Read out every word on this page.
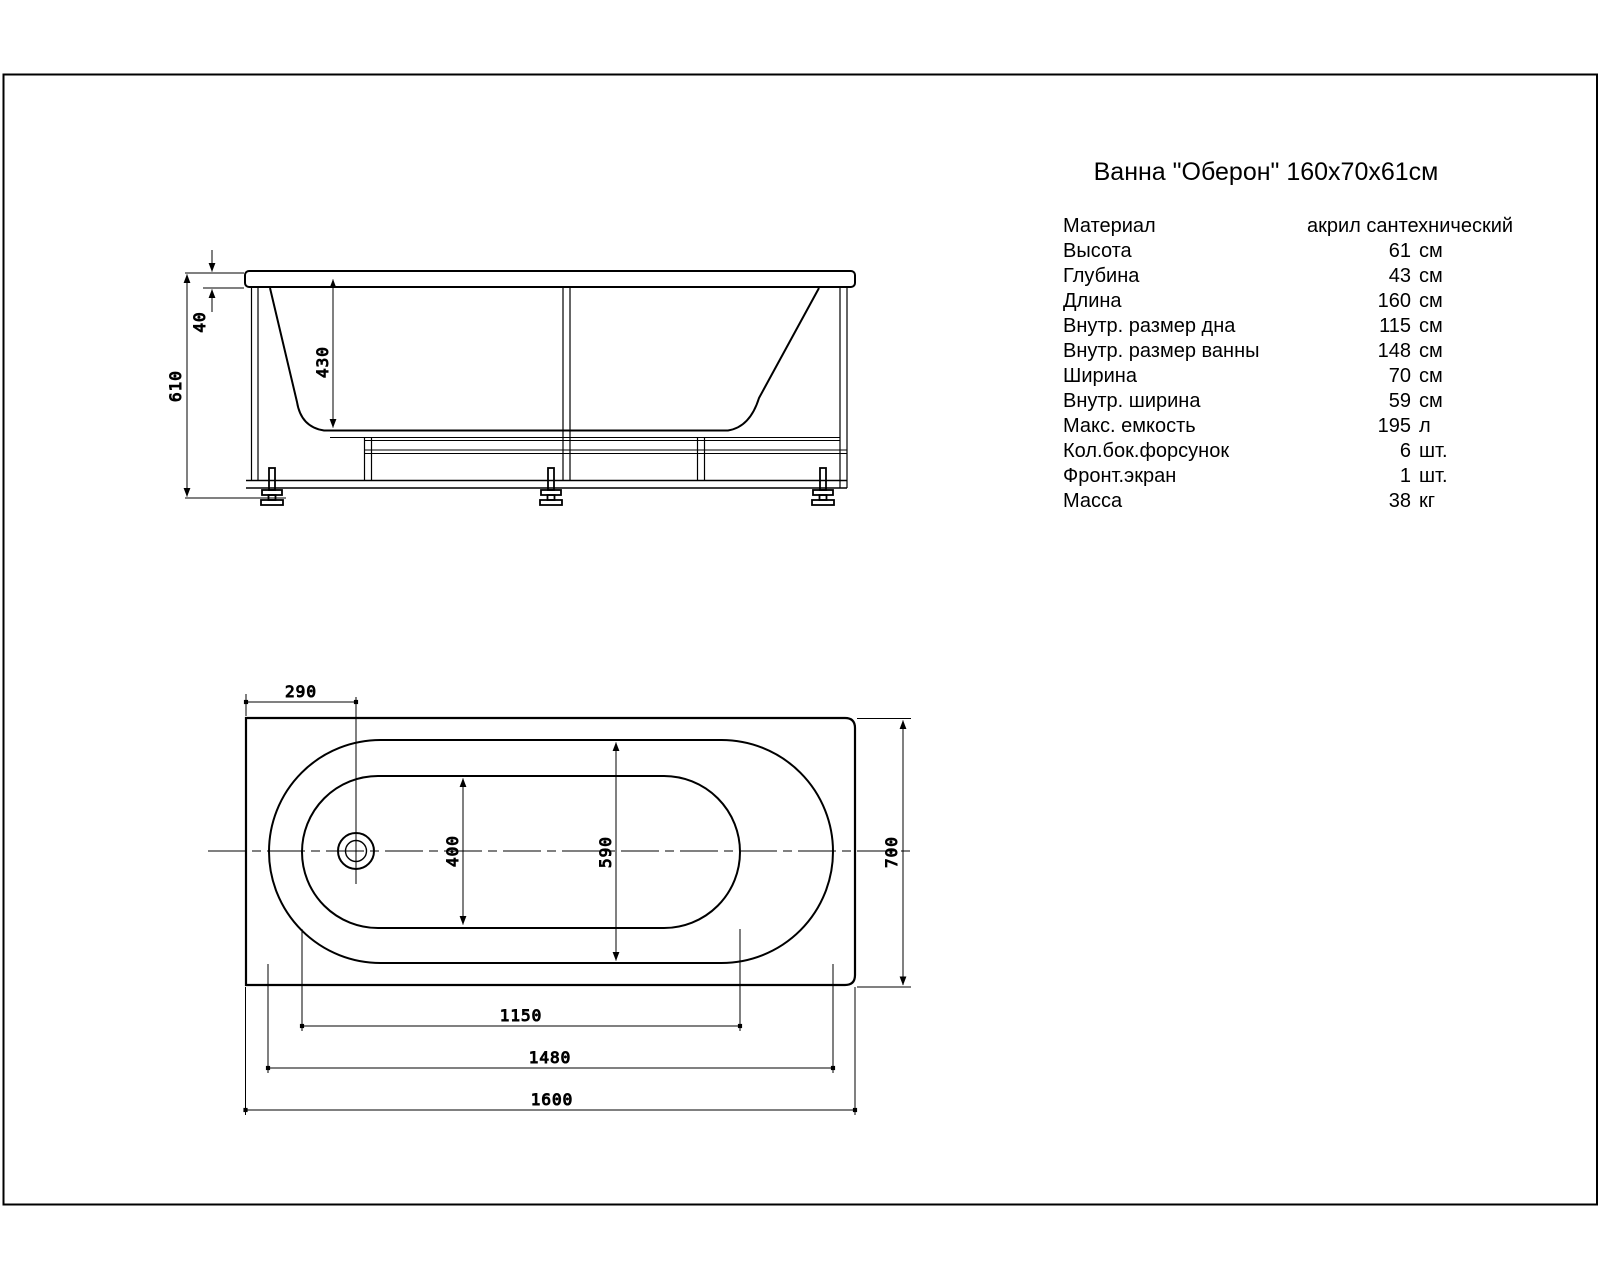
610
40
430
290
400	590	700
1150
1480
1600
Ванна "Оберон" 160x70x61см
Материал	акрил сантехнический
Высота	61 см
Глубина	43 см
Длина	160 см
Внутр. размер дна	115 см
Внутр. размер ванны	148 см
Ширина	70 см
Внутр. ширина	59 см
Макс. емкость	195 л
Кол.бок.форсунок	6 шт.
Фронт.экран	1 шт.
Масса	38 кг
